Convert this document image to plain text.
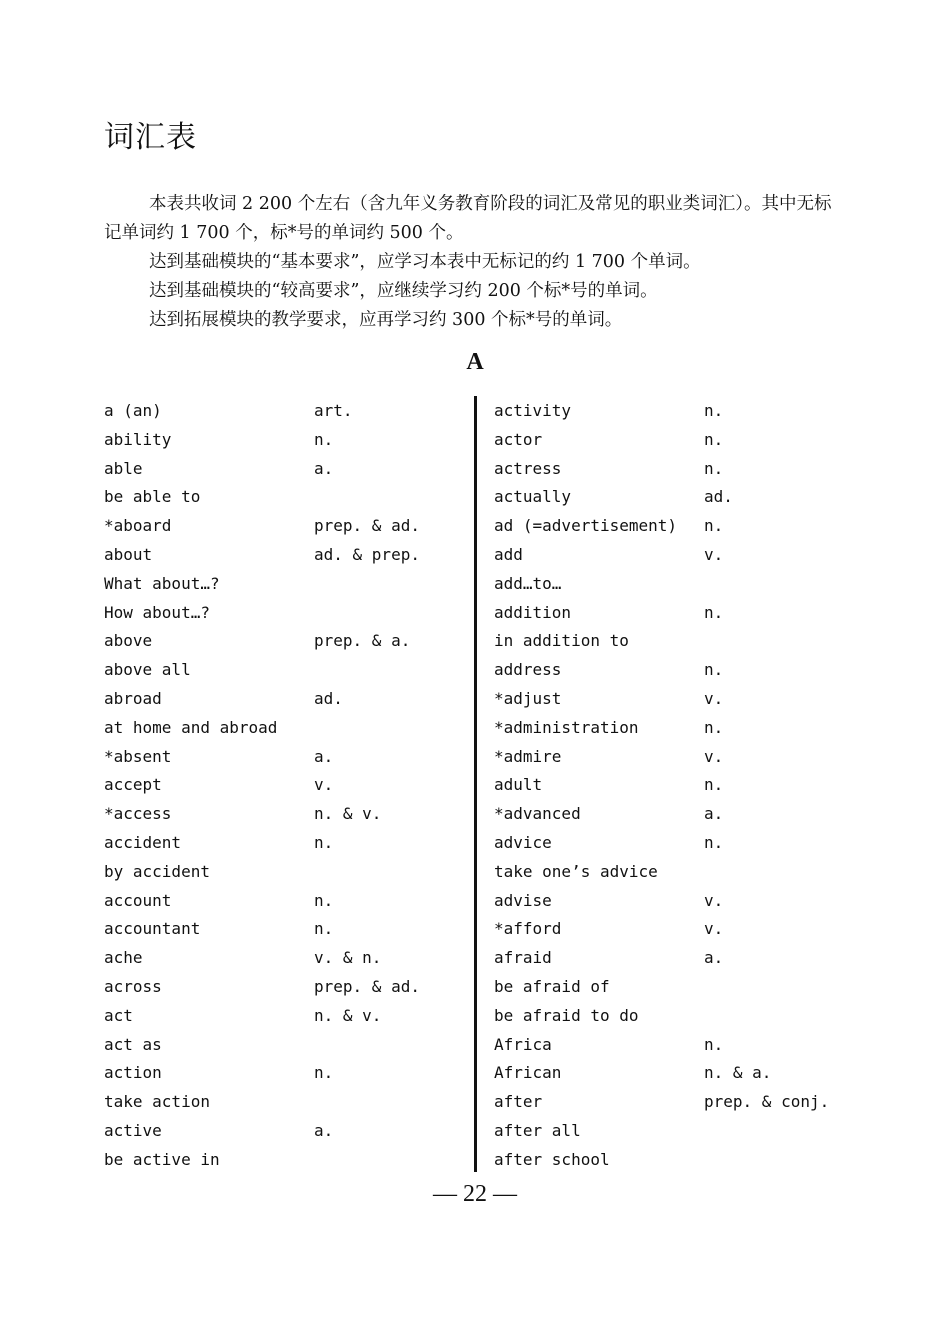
词汇表

本表共收词 2 200 个左右（含九年义务教育阶段的词汇及常见的职业类词汇）。其中无标记单词约 1 700 个，标*号的单词约 500 个。

达到基础模块的“基本要求”，应学习本表中无标记的约 1 700 个单词。

达到基础模块的“较高要求”，应继续学习约 200 个标*号的单词。

达到拓展模块的教学要求，应再学习约 300 个标*号的单词。

A
a (an)	art.
ability	n.
able	a.
be able to
*aboard	prep. & ad.
about	ad. & prep.
What about…?
How about…?
above	prep. & a.
above all
abroad	ad.
at home and abroad
*absent	a.
accept	v.
*access	n. & v.
accident	n.
by accident
account	n.
accountant	n.
ache	v. & n.
across	prep. & ad.
act	n. & v.
act as
action	n.
take action
active	a.
be active in
activity	n.
actor	n.
actress	n.
actually	ad.
ad (=advertisement) n.
add	v.
add…to…
addition	n.
in addition to
address	n.
*adjust	v.
*administration	n.
*admire	v.
adult	n.
*advanced	a.
advice	n.
take one’s advice
advise	v.
*afford	v.
afraid	a.
be afraid of
be afraid to do
Africa	n.
African	n. & a.
after	prep. & conj.
after all
after school
— 22 —
